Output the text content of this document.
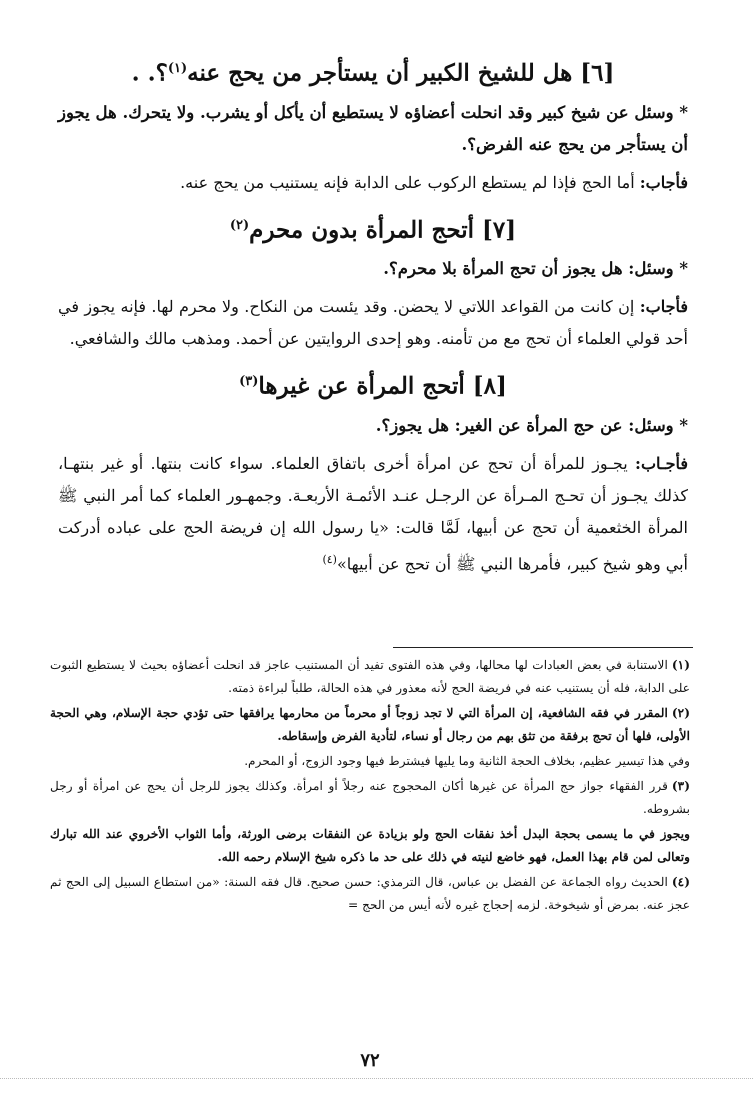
[٦] هل للشيخ الكبير أن يستأجر من يحج عنه$^{(١)}$؟. .

* وسئل عن شيخ كبير وقد انحلت أعضاؤه لا يستطيع أن يأكل أو يشرب. ولا يتحرك. هل يجوز أن يستأجر من يحج عنه الفرض؟.

فأجاب: أما الحج فإذا لم يستطع الركوب على الدابة فإنه يستنيب من يحج عنه.

[٧] أتحج المرأة بدون محرم$^{(٢)}$

* وسئل: هل يجوز أن تحج المرأة بلا محرم؟.

فأجاب: إن كانت من القواعد اللاتي لا يحضن. وقد يئست من النكاح. ولا محرم لها. فإنه يجوز في أحد قولي العلماء أن تحج مع من تأمنه. وهو إحدى الروايتين عن أحمد. ومذهب مالك والشافعي.

[٨] أتحج المرأة عن غيرها$^{(٣)}$

* وسئل: عن حج المرأة عن الغير: هل يجوز؟.

فأجـاب: يجـوز للمرأة أن تحج عن امرأة أخرى باتفاق العلماء. سواء كانت بنتها. أو غير بنتهـا، كذلك يجـوز أن تحـج المـرأة عن الرجـل عنـد الأئمـة الأربعـة. وجمهـور العلماء كما أمر النبي ﷺ المرأة الخثعمية أن تحج عن أبيها، لَمَّا قالت: «يا رسول الله إن فريضة الحج على عباده أدركت أبي وهو شيخ كبير، فأمرها النبي ﷺ أن تحج عن أبيها»$^{(٤)}$

(١)الاستنابة في بعض العبادات لها محالها، وفي هذه الفتوى تفيد أن المستنيب عاجز قد انحلت أعضاؤه بحيث لا يستطيع الثبوت على الدابة، فله أن يستنيب عنه في فريضة الحج لأنه معذور في هذه الحالة، طلباً لبراءة ذمته.

(٢)المقرر في فقه الشافعية، إن المرأة التي لا تجد زوجاً أو محرماً من محارمها يرافقها حتى تؤدي حجة الإسلام، وهي الحجة الأولى، فلها أن تحج برفقة من تثق بهم من رجال أو نساء، لتأدية الفرض وإسقاطه.

وفي هذا تيسير عظيم، بخلاف الحجة الثانية وما يليها فيشترط فيها وجود الزوج، أو المحرم.

(٣)قرر الفقهاء جواز حج المرأة عن غيرها أكان المحجوج عنه رجلاً أو امرأة. وكذلك يجوز للرجل أن يحج عن امرأة أو رجل بشروطه.

ويجوز في ما يسمى بحجة البدل أخذ نفقات الحج ولو بزيادة عن النفقات برضى الورثة، وأما الثواب الأخروي عند الله تبارك وتعالى لمن قام بهذا العمل، فهو خاضع لنيته في ذلك على حد ما ذكره شيخ الإسلام رحمه الله.

(٤)الحديث رواه الجماعة عن الفضل بن عباس، قال الترمذي: حسن صحيح. قال فقه السنة: «من استطاع السبيل إلى الحج ثم عجز عنه. بمرض أو شيخوخة. لزمه إحجاج غيره لأنه أيس من الحج =

٧٢
